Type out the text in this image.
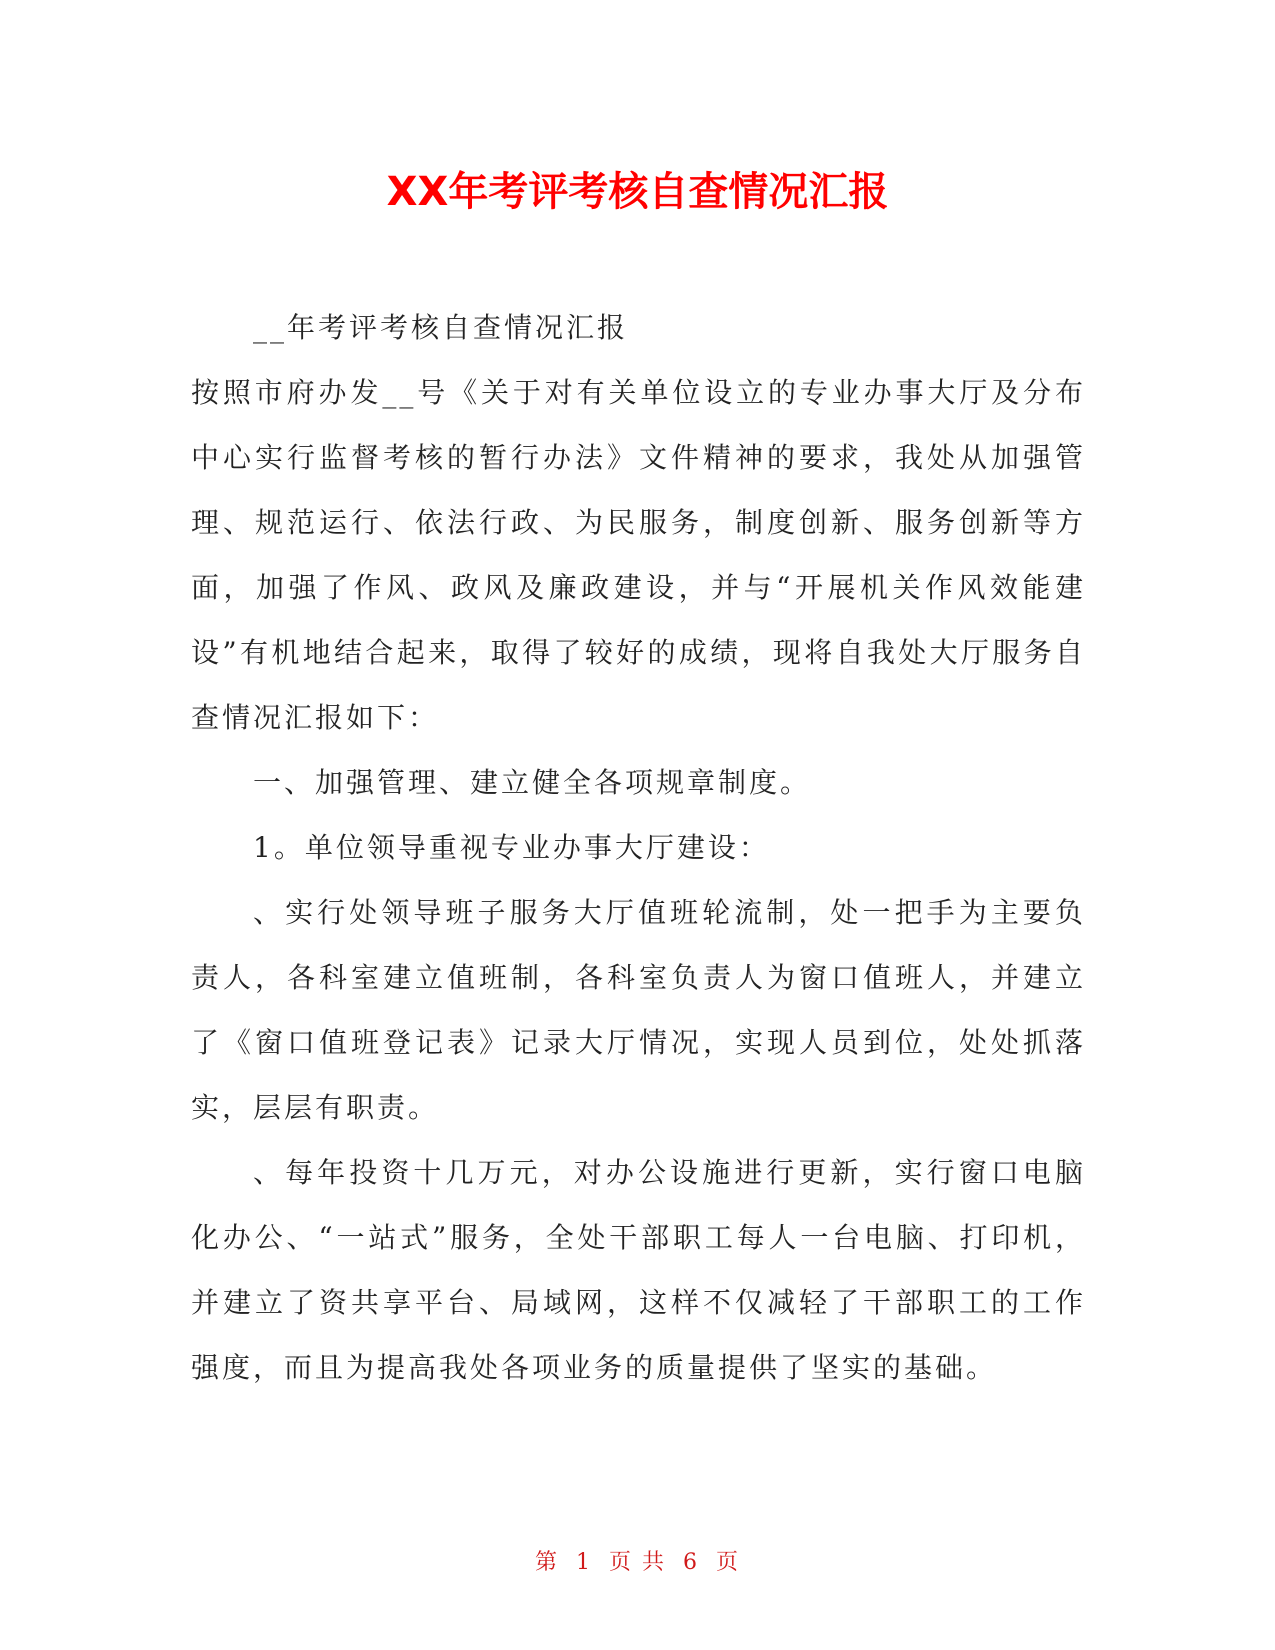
XX年考评考核自查情况汇报

__年考评考核自查情况汇报

按照市府办发__号《关于对有关单位设立的专业办事大厅及分布中心实行监督考核的暂行办法》文件精神的要求，我处从加强管理、规范运行、依法行政、为民服务，制度创新、服务创新等方面，加强了作风、政风及廉政建设，并与“开展机关作风效能建设”有机地结合起来，取得了较好的成绩，现将自我处大厅服务自查情况汇报如下：

一、加强管理、建立健全各项规章制度。

1。单位领导重视专业办事大厅建设：

、实行处领导班子服务大厅值班轮流制，处一把手为主要负责人，各科室建立值班制，各科室负责人为窗口值班人，并建立了《窗口值班登记表》记录大厅情况，实现人员到位，处处抓落实，层层有职责。

、每年投资十几万元，对办公设施进行更新，实行窗口电脑化办公、“一站式”服务，全处干部职工每人一台电脑、打印机，并建立了资共享平台、局域网，这样不仅减轻了干部职工的工作强度，而且为提高我处各项业务的质量提供了坚实的基础。

第 1 页 共 6 页
